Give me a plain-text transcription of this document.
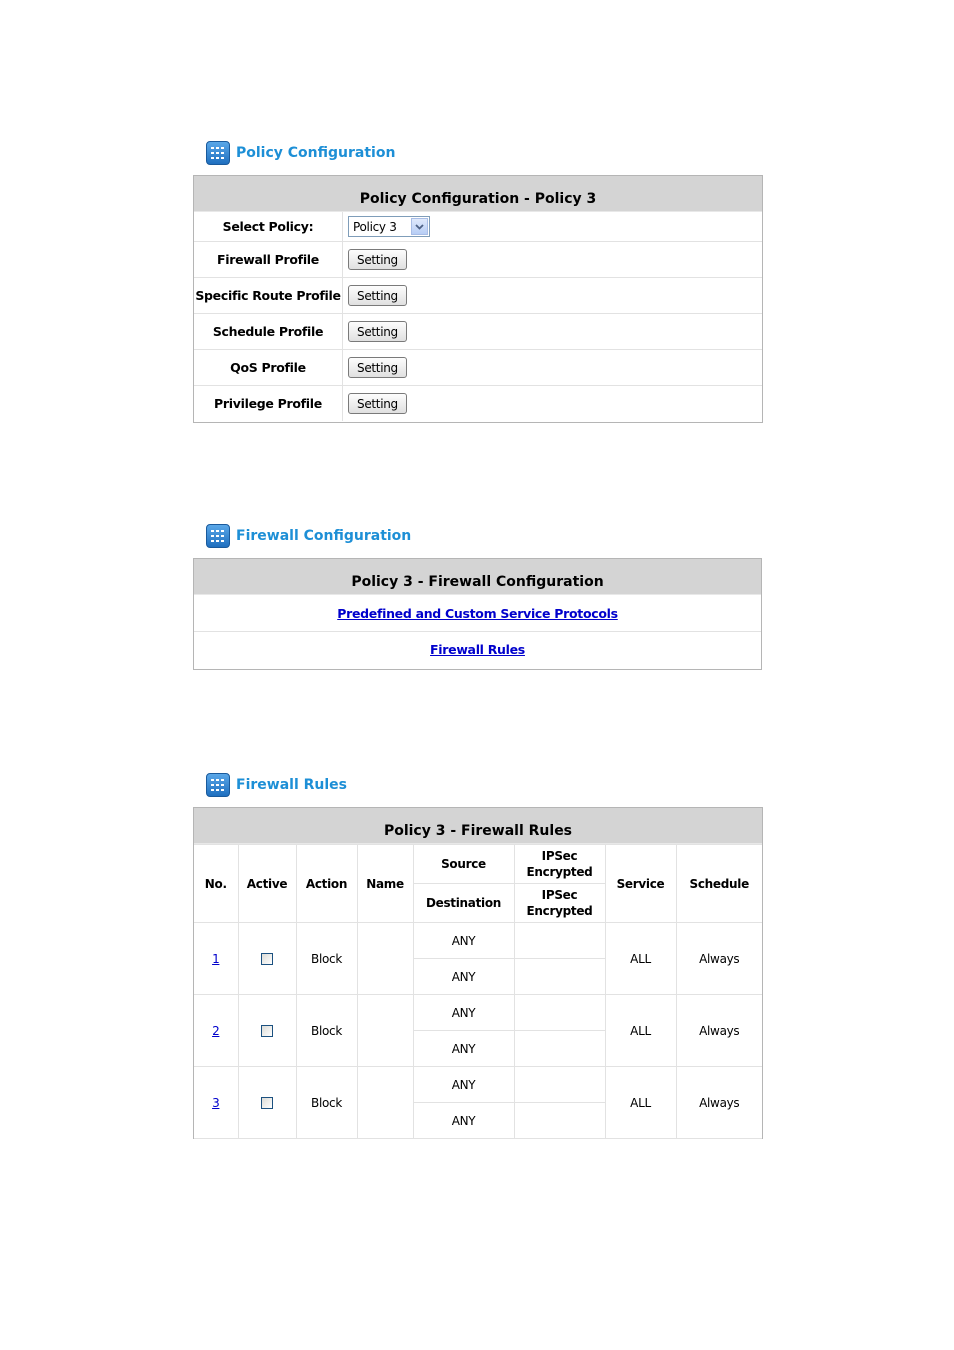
Policy Configuration
Policy Configuration - Policy 3
Select Policy:	Policy 3
Firewall Profile	Setting
Specific Route Profile	Setting
Schedule Profile	Setting
QoS Profile	Setting
Privilege Profile	Setting
Firewall Configuration
Policy 3 - Firewall Configuration
Predefined and Custom Service Protocols
Firewall Rules
Firewall Rules
Policy 3 - Firewall Rules
No.	Active	Action	Name	Source	IPSec Encrypted	Service	Schedule
				Destination	IPSec Encrypted		
1		Block		ANY		ALL	Always
				ANY			
2		Block		ANY		ALL	Always
				ANY			
3		Block		ANY		ALL	Always
				ANY			
